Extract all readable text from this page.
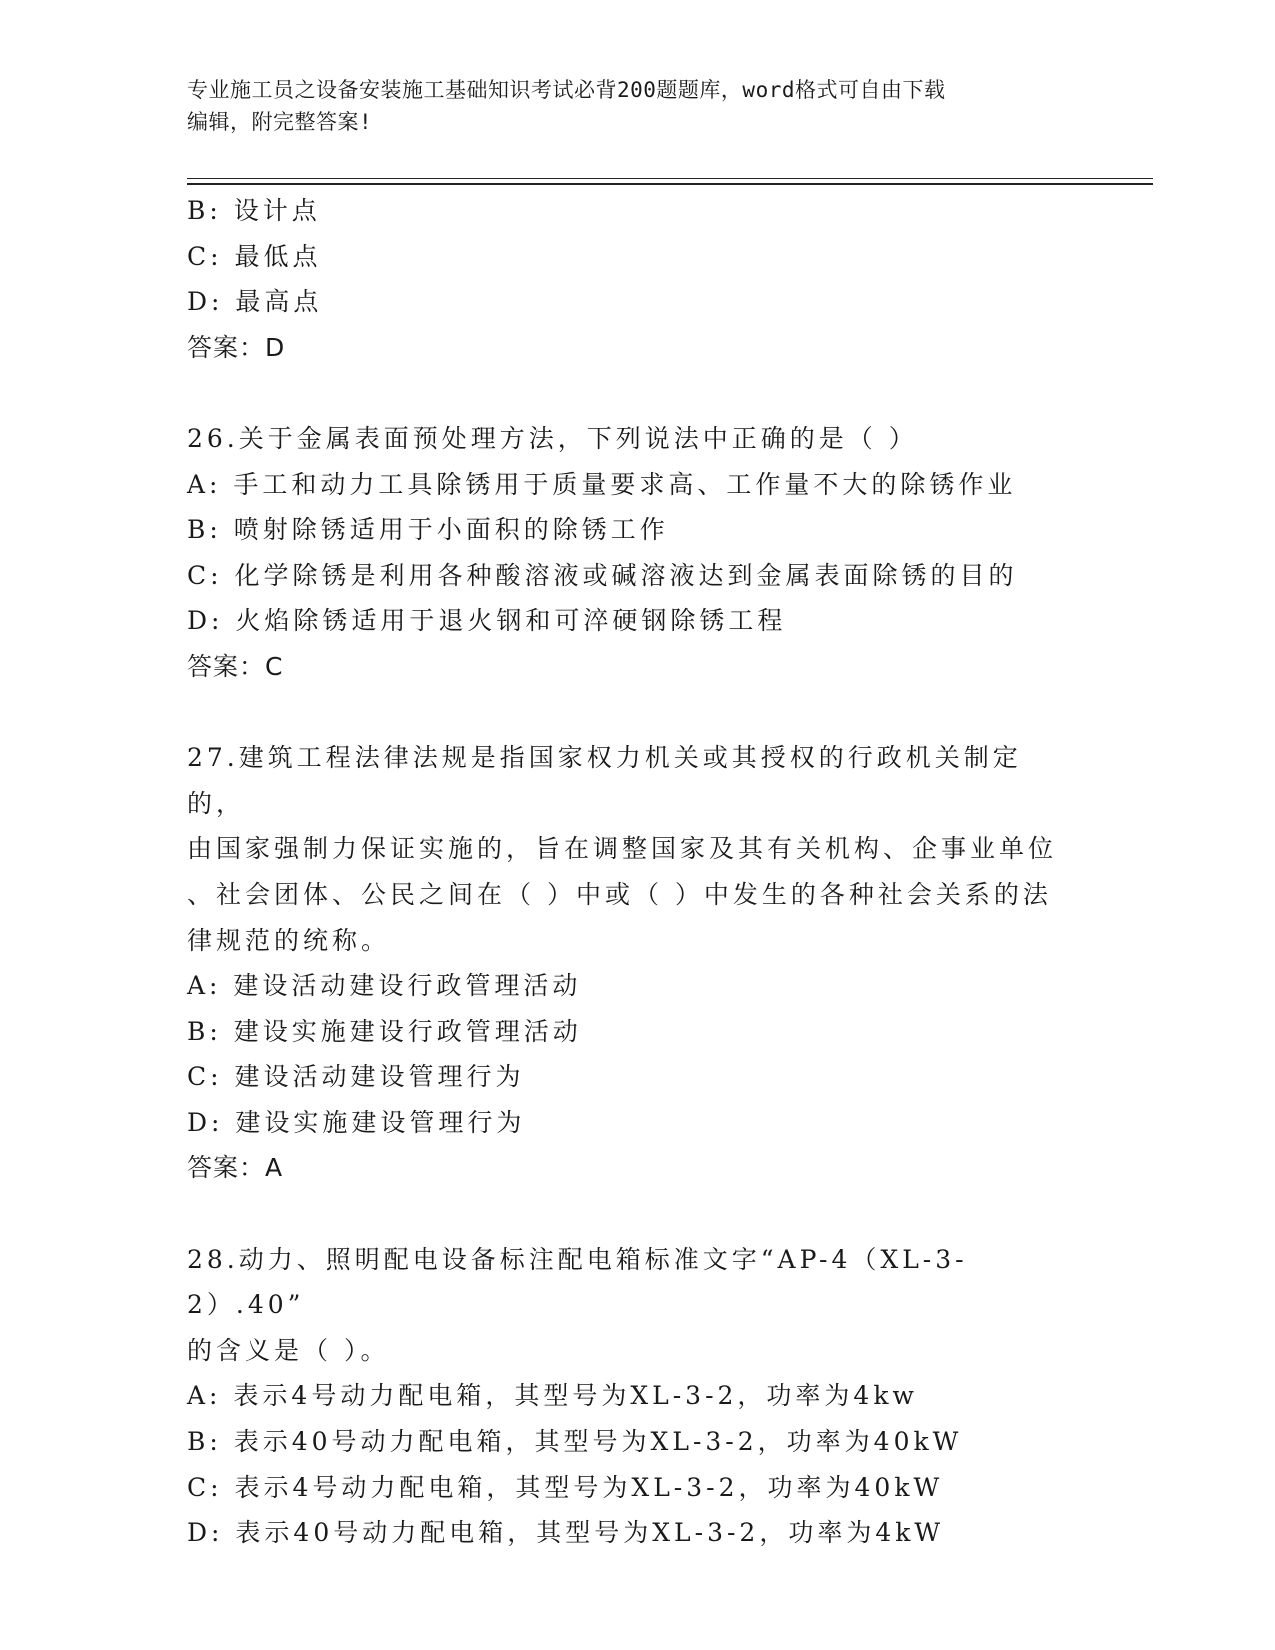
专业施工员之设备安装施工基础知识考试必背200题题库，word格式可自由下载
编辑，附完整答案!
B: 设计点
C: 最低点
D: 最高点
答案：D
26.关于金属表面预处理方法，下列说法中正确的是（ ）
A: 手工和动力工具除锈用于质量要求高、工作量不大的除锈作业
B: 喷射除锈适用于小面积的除锈工作
C: 化学除锈是利用各种酸溶液或碱溶液达到金属表面除锈的目的
D: 火焰除锈适用于退火钢和可淬硬钢除锈工程
答案：C
27.建筑工程法律法规是指国家权力机关或其授权的行政机关制定的，
由国家强制力保证实施的，旨在调整国家及其有关机构、企事业单位
、社会团体、公民之间在（ ）中或（ ）中发生的各种社会关系的法
律规范的统称。
A: 建设活动建设行政管理活动
B: 建设实施建设行政管理活动
C: 建设活动建设管理行为
D: 建设实施建设管理行为
答案：A
28.动力、照明配电设备标注配电箱标准文字“AP-4（XL-3-2）.40”
的含义是（ ）。
A: 表示4号动力配电箱，其型号为XL-3-2，功率为4kw
B: 表示40号动力配电箱，其型号为XL-3-2，功率为40kW
C: 表示4号动力配电箱，其型号为XL-3-2，功率为40kW
D: 表示40号动力配电箱，其型号为XL-3-2，功率为4kW
